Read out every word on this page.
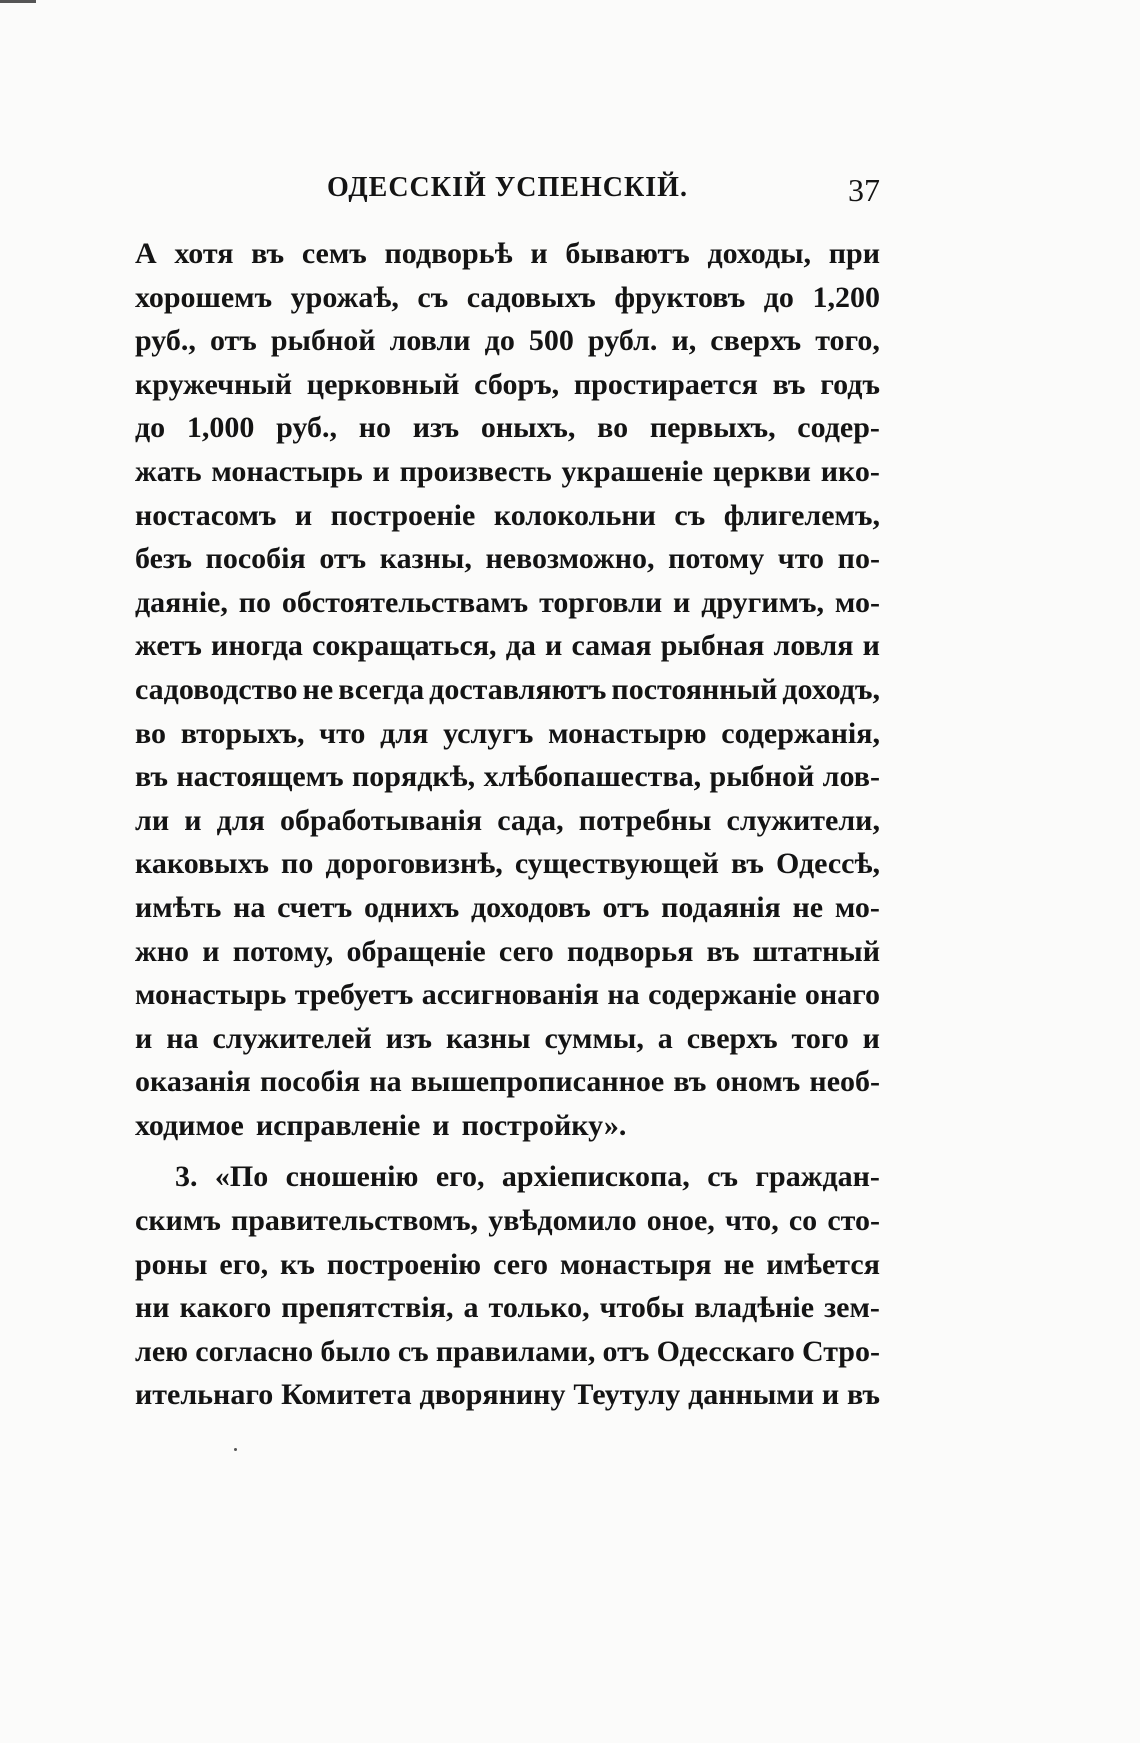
ОДЕССКІЙ УСПЕНСКІЙ.	37
А хотя въ семъ подворьѣ и бываютъ доходы, при
хорошемъ урожаѣ, съ садовыхъ фруктовъ до 1,200
руб., отъ рыбной ловли до 500 рубл. и, сверхъ того,
кружечный церковный сборъ, простирается въ годъ
до 1,000 руб., но изъ оныхъ, во первыхъ, содер-
жать монастырь и произвесть украшеніе церкви ико-
ностасомъ и построеніе колокольни съ флигелемъ,
безъ пособія отъ казны, невозможно, потому что по-
даяніе, по обстоятельствамъ торговли и другимъ, мо-
жетъ иногда сокращаться, да и самая рыбная ловля и
садоводство не всегда доставляютъ постоянный доходъ,
во вторыхъ, что для услугъ монастырю содержанія,
въ настоящемъ порядкѣ, хлѣбопашества, рыбной лов-
ли и для обработыванія сада, потребны служители,
каковыхъ по дороговизнѣ, существующей въ Одессѣ,
имѣть на счетъ однихъ доходовъ отъ подаянія не мо-
жно и потому, обращеніе сего подворья въ штатный
монастырь требуетъ ассигнованія на содержаніе онаго
и на служителей изъ казны суммы, а сверхъ того и
оказанія пособія на вышепрописанное въ ономъ необ-
ходимое исправленіе и постройку».
3. «По сношенію его, архіепископа, съ граждан-
скимъ правительствомъ, увѣдомило оное, что, со сто-
роны его, къ построенію сего монастыря не имѣется
ни какого препятствія, а только, чтобы владѣніе зем-
лею согласно было съ правилами, отъ Одесскаго Стро-
ительнаго Комитета дворянину Теутулу данными и въ
